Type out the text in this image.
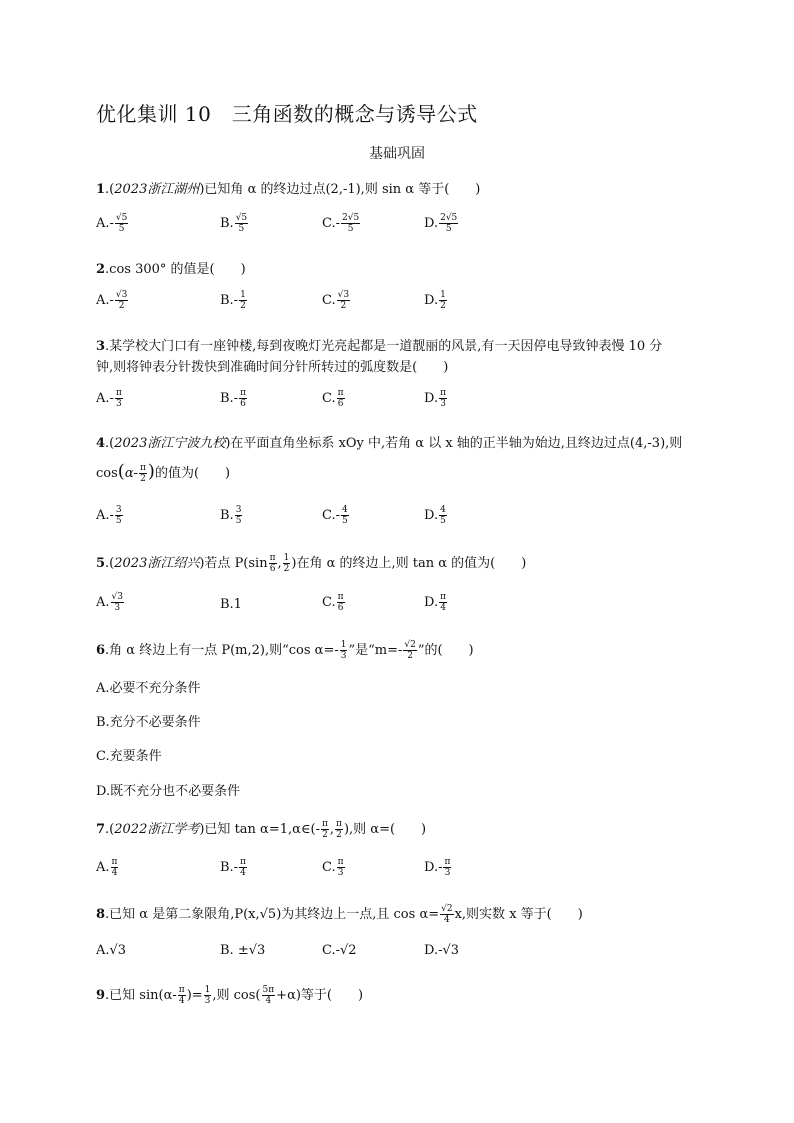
优化集训 10　三角函数的概念与诱导公式
基础巩固
1.(2023浙江湖州)已知角 α 的终边过点(2,-1),则 sin α 等于(　　)
$A.- \frac{√5}{5}$	B. $\frac{√5}{5}$	$C.- \frac{2√5}{5}$	D. $\frac{2√5}{5}$
2.cos 300° 的值是(　　)
$A.- \frac{√3}{2}$	$B.- \frac{1}{2}$	C. $\frac{√3}{2}$	D. $\frac{1}{2}$
3.某学校大门口有一座钟楼,每到夜晚灯光亮起都是一道靓丽的风景,有一天因停电导致钟表慢 10 分
钟,则将钟表分针拨快到准确时间分针所转过的弧度数是(　　)
$A.- \frac{\pi}{3}$	$B.- \frac{\pi}{6}$	C. $\frac{\pi}{6}$	D. $\frac{\pi}{3}$
4.(2023浙江宁波九校)在平面直角坐标系 xOy 中,若角 α 以 x 轴的正半轴为始边,且终边过点(4,-3),则
$\cos(\alpha- \frac{\pi}{2}$ )的值为(　　)
$A.- \frac{3}{5}$	B. $\frac{3}{5}$	$C.- \frac{4}{5}$	D. $\frac{4}{5}$
5.(2023浙江绍兴)若点 $P(\sin \frac{\pi}{6}$ , $\frac{1}{2}$ )在角 α 的终边上,则 tan α 的值为(　　)
A. $\frac{√3}{3}$	B.1	C. $\frac{\pi}{6}$	D. $\frac{\pi}{4}$
6.角 α 终边上有一点 P(m,2),则“cos $\alpha=- \frac{1}{3}$ ”是“$m=- \frac{√2}{2}$ ”的(　　)
A.必要不充分条件
B.充分不必要条件
C.充要条件
D.既不充分也不必要条件
7.(2022浙江学考)已知 tan α=1,α∈(- $\frac{\pi}{2}$ , $\frac{\pi}{2}$ ),则 α=(　　)
A. $\frac{\pi}{4}$	$B.- \frac{\pi}{4}$	C. $\frac{\pi}{3}$	$D.- \frac{\pi}{3}$
8.已知 α 是第二象限角,P(x,√5)为其终边上一点,且 $\cos \alpha= \frac{√2}{4} x$,则实数 x 等于(　　)
A.√3	B. ±√3	C.-√2	D.-√3
9.已知 $\sin(\alpha- \frac{\pi}{4}$ )= $\frac{1}{3}$ ,则 $\cos( \frac{5\pi}{4} +\alpha)$等于(　　)
